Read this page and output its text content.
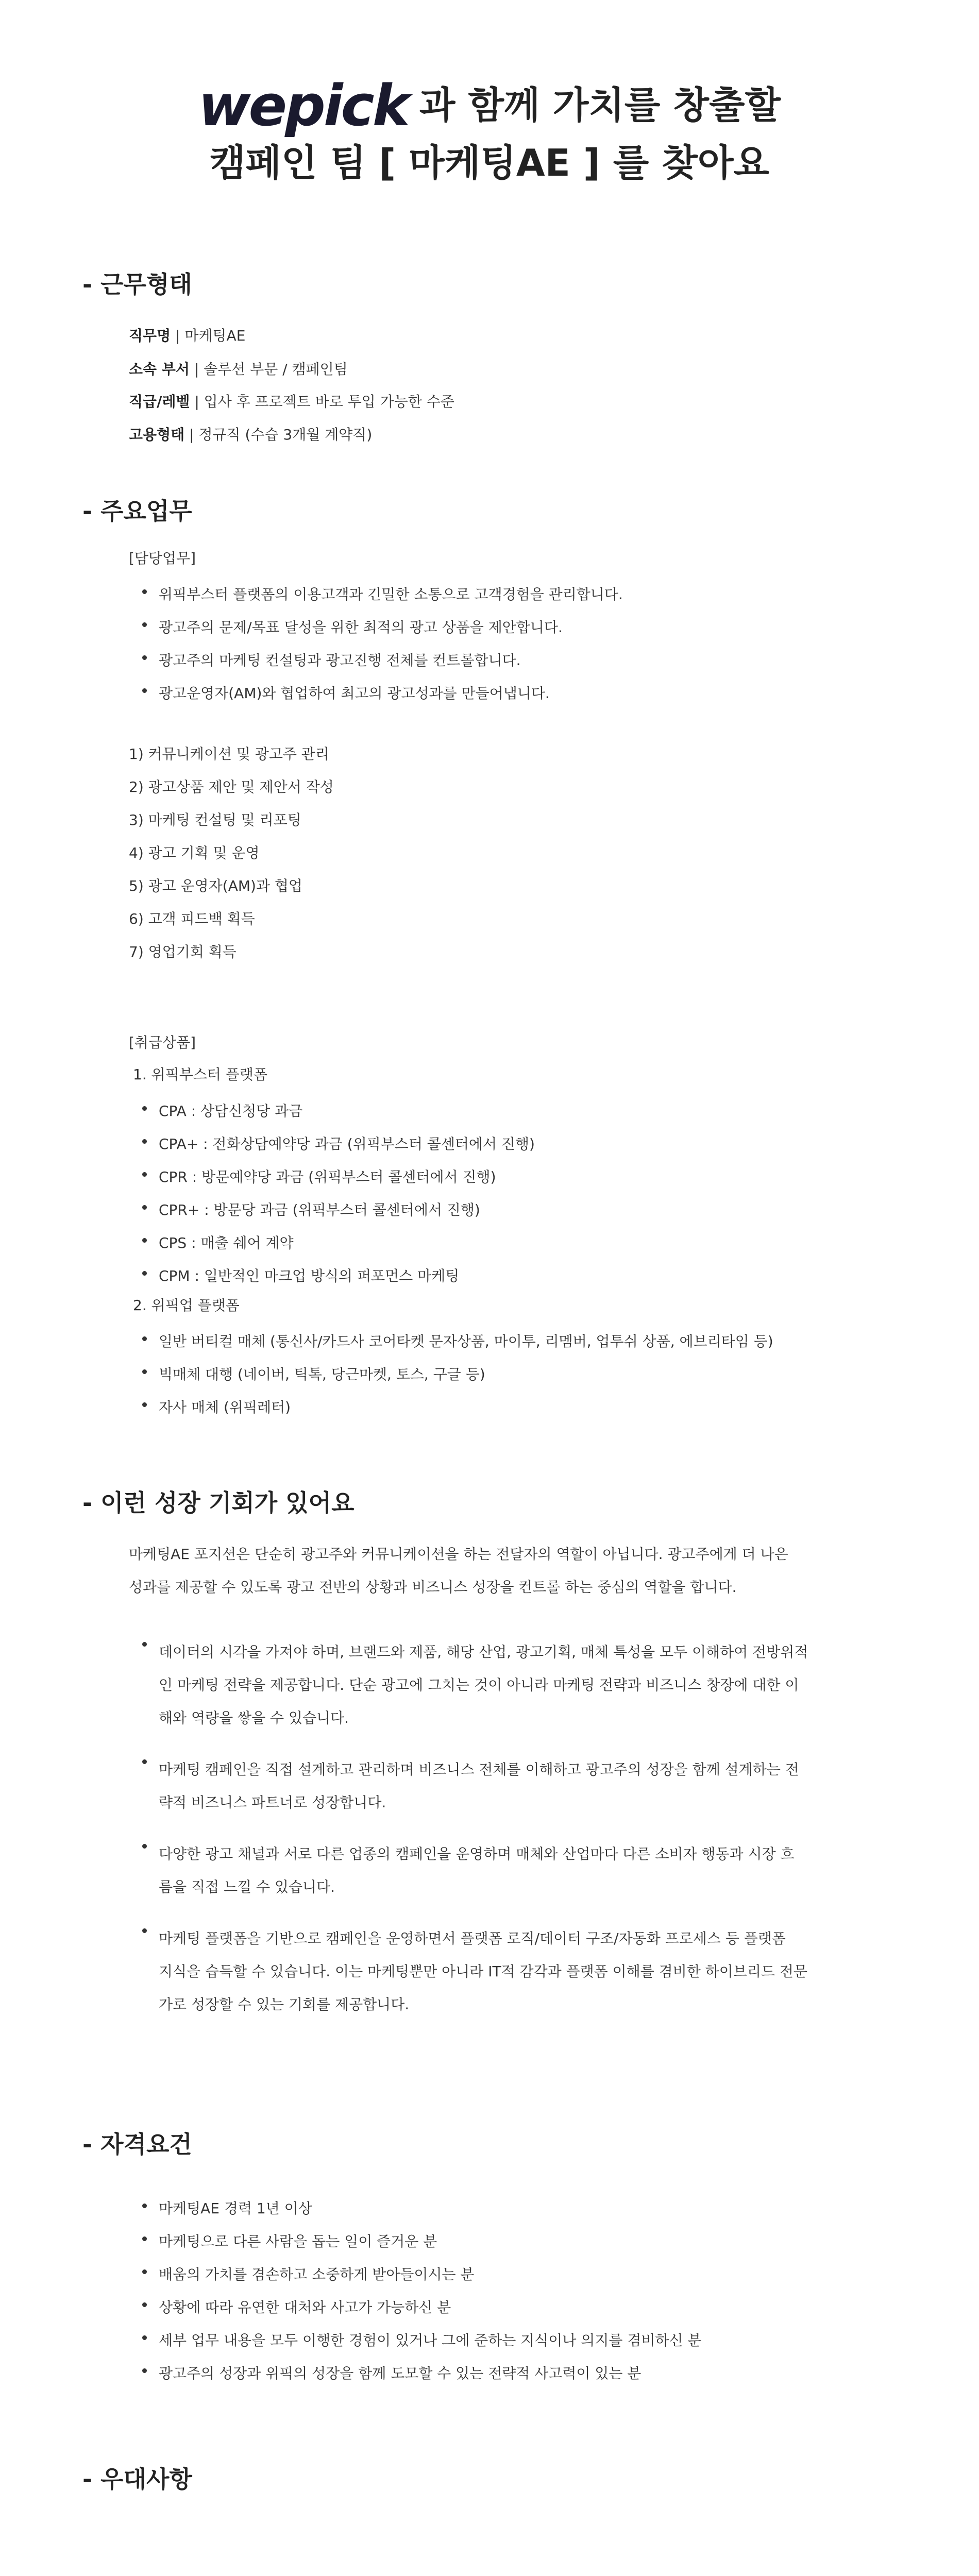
wepick 과 함께 가치를 창출할
캠페인 팀 [ 마케팅AE ] 를 찾아요
- 근무형태
직무명 | 마케팅AE
소속 부서 | 솔루션 부문 / 캠페인팀
직급/레벨 | 입사 후 프로젝트 바로 투입 가능한 수준
고용형태 | 정규직 (수습 3개월 계약직)
- 주요업무
[담당업무]
위픽부스터 플랫폼의 이용고객과 긴밀한 소통으로 고객경험을 관리합니다.
광고주의 문제/목표 달성을 위한 최적의 광고 상품을 제안합니다.
광고주의 마케팅 컨설팅과 광고진행 전체를 컨트롤합니다.
광고운영자(AM)와 협업하여 최고의 광고성과를 만들어냅니다.
1) 커뮤니케이션 및 광고주 관리
2) 광고상품 제안 및 제안서 작성
3) 마케팅 컨설팅 및 리포팅
4) 광고 기획 및 운영
5) 광고 운영자(AM)과 협업
6) 고객 피드백 획득
7) 영업기회 획득
[취급상품]
1. 위픽부스터 플랫폼
CPA : 상담신청당 과금
CPA+ : 전화상담예약당 과금 (위픽부스터 콜센터에서 진행)
CPR : 방문예약당 과금 (위픽부스터 콜센터에서 진행)
CPR+ : 방문당 과금 (위픽부스터 콜센터에서 진행)
CPS : 매출 쉐어 계약
CPM : 일반적인 마크업 방식의 퍼포먼스 마케팅
2. 위픽업 플랫폼
일반 버티컬 매체 (통신사/카드사 코어타켓 문자상품, 마이투, 리멤버, 업투쉬 상품, 에브리타임 등)
빅매체 대행 (네이버, 틱톡, 당근마켓, 토스, 구글 등)
자사 매체 (위픽레터)
- 이런 성장 기회가 있어요
마케팅AE 포지션은 단순히 광고주와 커뮤니케이션을 하는 전달자의 역할이 아닙니다. 광고주에게 더 나은
성과를 제공할 수 있도록 광고 전반의 상황과 비즈니스 성장을 컨트롤 하는 중심의 역할을 합니다.
데이터의 시각을 가져야 하며, 브랜드와 제품, 해당 산업, 광고기획, 매체 특성을 모두 이해하여 전방위적
인 마케팅 전략을 제공합니다. 단순 광고에 그치는 것이 아니라 마케팅 전략과 비즈니스 창장에 대한 이
해와 역량을 쌓을 수 있습니다.
마케팅 캠페인을 직접 설계하고 관리하며 비즈니스 전체를 이해하고 광고주의 성장을 함께 설계하는 전
략적 비즈니스 파트너로 성장합니다.
다양한 광고 채널과 서로 다른 업종의 캠페인을 운영하며 매체와 산업마다 다른 소비자 행동과 시장 흐
름을 직접 느낄 수 있습니다.
마케팅 플랫폼을 기반으로 캠페인을 운영하면서 플랫폼 로직/데이터 구조/자동화 프로세스 등 플랫폼
지식을 습득할 수 있습니다. 이는 마케팅뿐만 아니라 IT적 감각과 플랫폼 이해를 겸비한 하이브리드 전문
가로 성장할 수 있는 기회를 제공합니다.
- 자격요건
마케팅AE 경력 1년 이상
마케팅으로 다른 사람을 돕는 일이 즐거운 분
배움의 가치를 겸손하고 소중하게 받아들이시는 분
상황에 따라 유연한 대처와 사고가 가능하신 분
세부 업무 내용을 모두 이행한 경험이 있거나 그에 준하는 지식이나 의지를 겸비하신 분
광고주의 성장과 위픽의 성장을 함께 도모할 수 있는 전략적 사고력이 있는 분
- 우대사항
